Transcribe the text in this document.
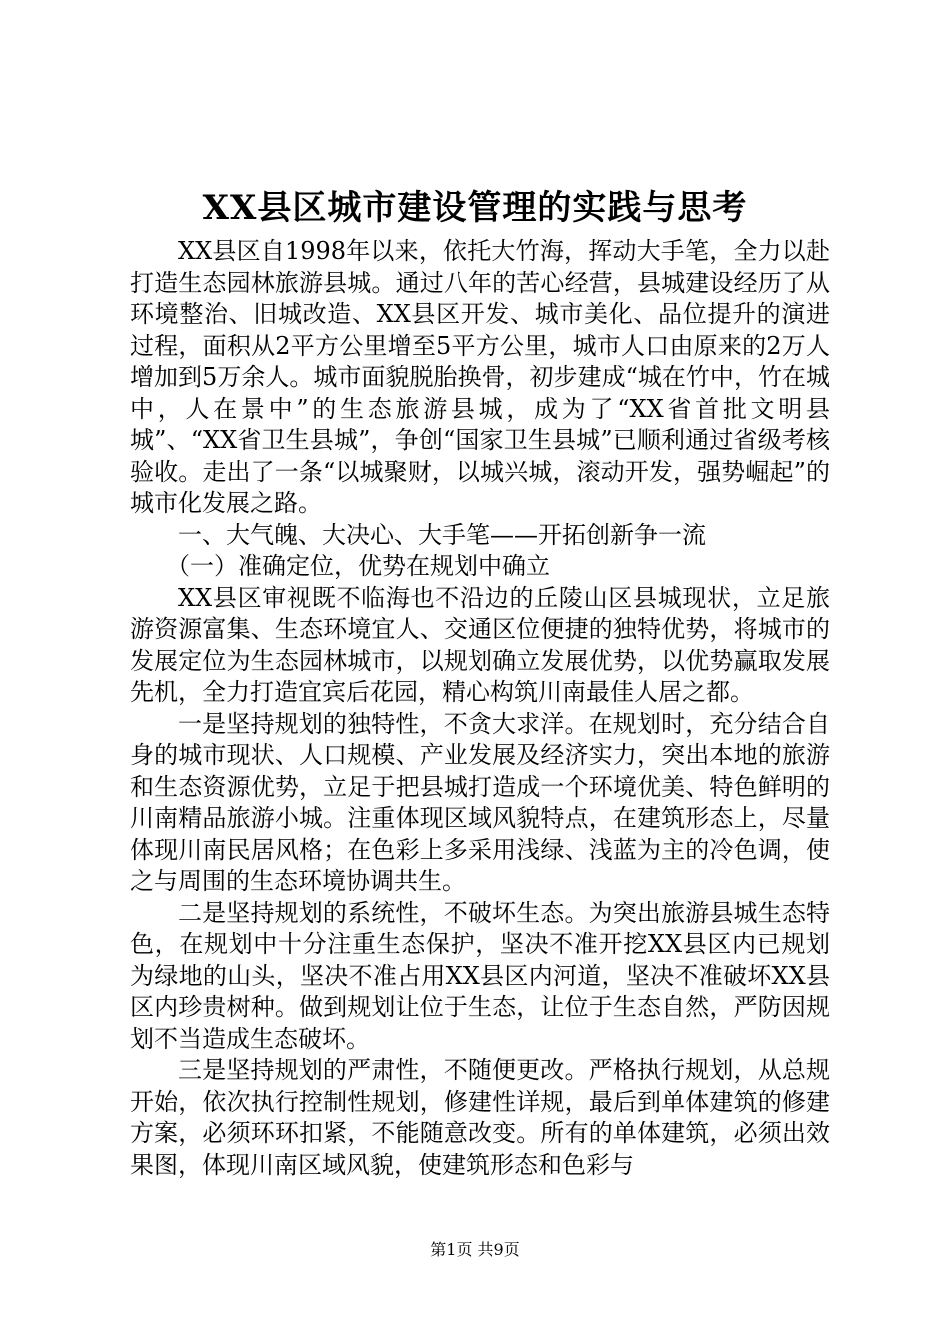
XX县区城市建设管理的实践与思考

XX县区自1998年以来，依托大竹海，挥动大手笔，全力以赴打造生态园林旅游县城。通过八年的苦心经营，县城建设经历了从环境整治、旧城改造、XX县区开发、城市美化、品位提升的演进过程，面积从2平方公里增至5平方公里，城市人口由原来的2万人增加到5万余人。城市面貌脱胎换骨，初步建成“城在竹中，竹在城中，人在景中”的生态旅游县城，成为了“XX省首批文明县城”、“XX省卫生县城”，争创“国家卫生县城”已顺利通过省级考核验收。走出了一条“以城聚财，以城兴城，滚动开发，强势崛起”的城市化发展之路。

一、大气魄、大决心、大手笔——开拓创新争一流

（一）准确定位，优势在规划中确立

XX县区审视既不临海也不沿边的丘陵山区县城现状，立足旅游资源富集、生态环境宜人、交通区位便捷的独特优势，将城市的发展定位为生态园林城市，以规划确立发展优势，以优势赢取发展先机，全力打造宜宾后花园，精心构筑川南最佳人居之都。

一是坚持规划的独特性，不贪大求洋。在规划时，充分结合自身的城市现状、人口规模、产业发展及经济实力，突出本地的旅游和生态资源优势，立足于把县城打造成一个环境优美、特色鲜明的川南精品旅游小城。注重体现区域风貌特点，在建筑形态上，尽量体现川南民居风格；在色彩上多采用浅绿、浅蓝为主的冷色调，使之与周围的生态环境协调共生。

二是坚持规划的系统性，不破坏生态。为突出旅游县城生态特色，在规划中十分注重生态保护，坚决不准开挖XX县区内已规划为绿地的山头，坚决不准占用XX县区内河道，坚决不准破坏XX县区内珍贵树种。做到规划让位于生态，让位于生态自然，严防因规划不当造成生态破坏。

三是坚持规划的严肃性，不随便更改。严格执行规划，从总规开始，依次执行控制性规划，修建性详规，最后到单体建筑的修建方案，必须环环扣紧，不能随意改变。所有的单体建筑，必须出效果图，体现川南区域风貌，使建筑形态和色彩与

第1页 共9页
